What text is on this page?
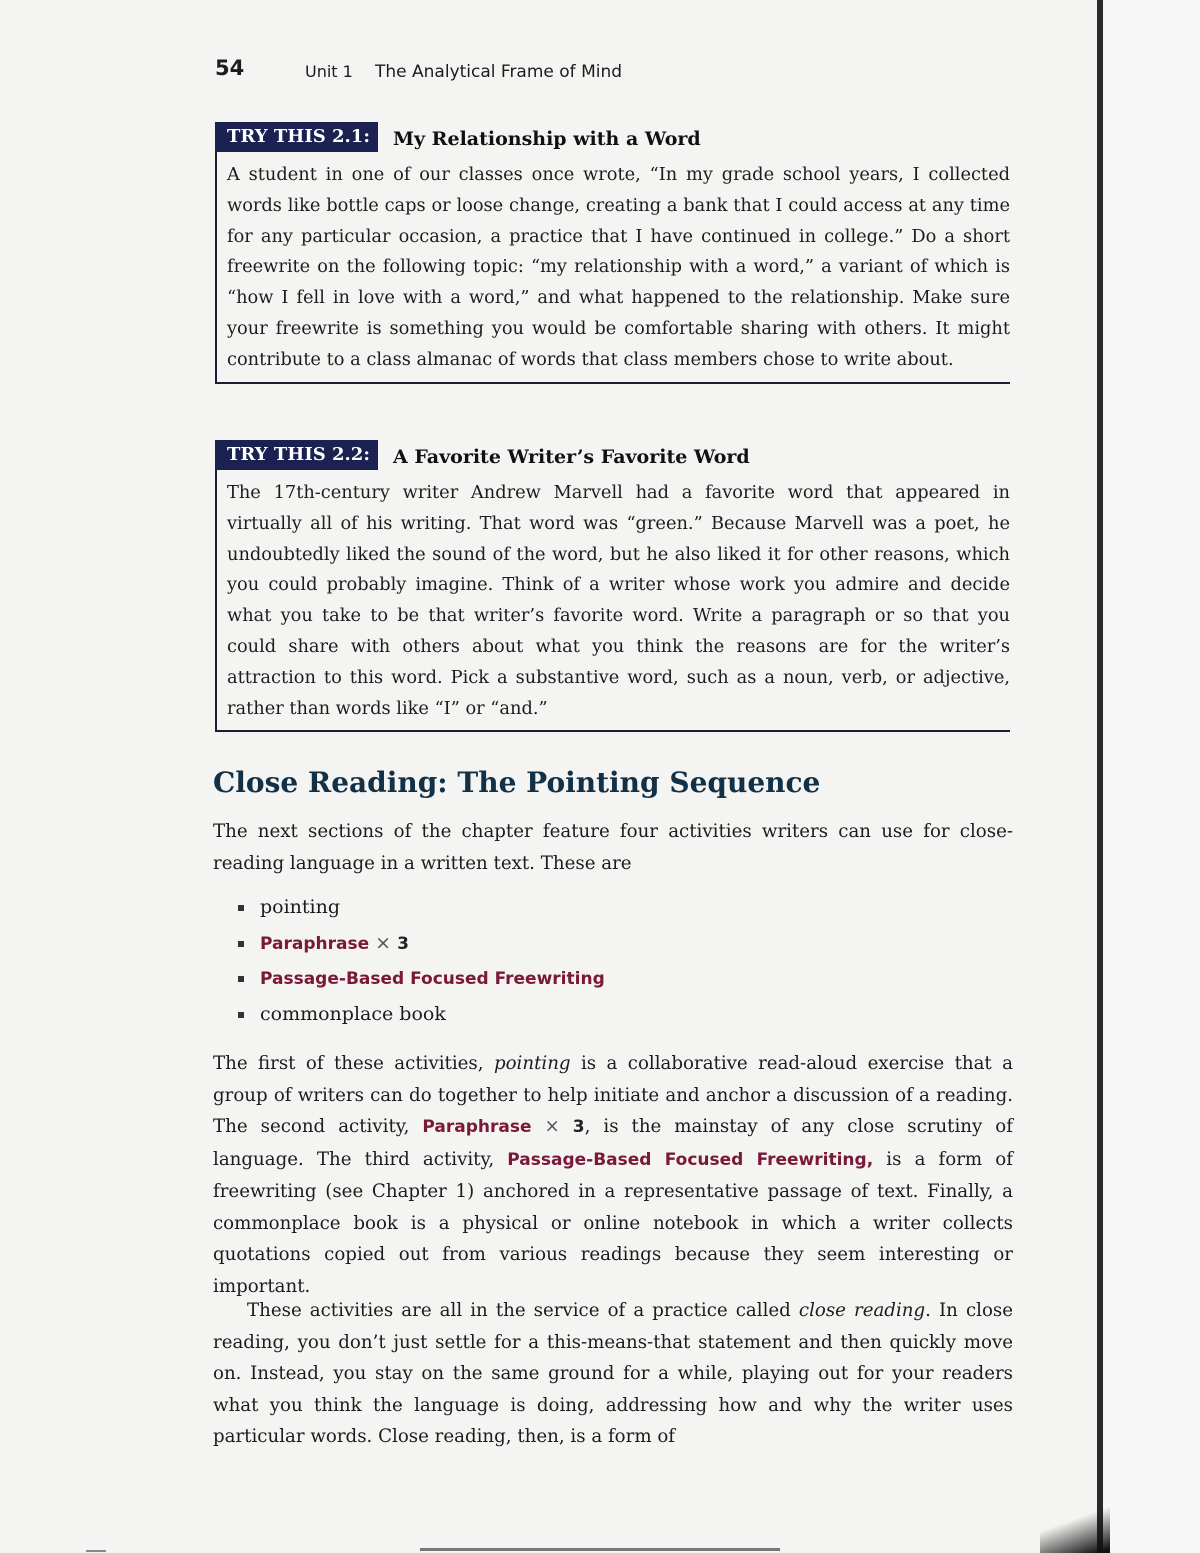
54	Unit 1 The Analytical Frame of Mind
TRY THIS 2.1:	My Relationship with a Word
A student in one of our classes once wrote, “In my grade school years, I collected words like bottle caps or loose change, creating a bank that I could access at any time for any particular occasion, a practice that I have continued in college.” Do a short freewrite on the following topic: “my relationship with a word,” a variant of which is “how I fell in love with a word,” and what happened to the relationship. Make sure your freewrite is something you would be comfortable sharing with others. It might contribute to a class almanac of words that class members chose to write about.
TRY THIS 2.2:	A Favorite Writer’s Favorite Word
The 17th-century writer Andrew Marvell had a favorite word that appeared in virtually all of his writing. That word was “green.” Because Marvell was a poet, he undoubtedly liked the sound of the word, but he also liked it for other reasons, which you could probably imagine. Think of a writer whose work you admire and decide what you take to be that writer’s favorite word. Write a paragraph or so that you could share with others about what you think the reasons are for the writer’s attraction to this word. Pick a substantive word, such as a noun, verb, or adjective, rather than words like “I” or “and.”
Close Reading: The Pointing Sequence
The next sections of the chapter feature four activities writers can use for close-reading language in a written text. These are
pointing
Paraphrase × 3
Passage-Based Focused Freewriting
commonplace book
The first of these activities, pointing is a collaborative read-aloud exercise that a group of writers can do together to help initiate and anchor a discussion of a reading. The second activity, Paraphrase × 3, is the mainstay of any close scrutiny of language. The third activity, Passage-Based Focused Freewriting, is a form of freewriting (see Chapter 1) anchored in a representative passage of text. Finally, a commonplace book is a physical or online notebook in which a writer collects quotations copied out from various readings because they seem interesting or important.
These activities are all in the service of a practice called close reading. In close reading, you don’t just settle for a this-means-that statement and then quickly move on. Instead, you stay on the same ground for a while, playing out for your readers what you think the language is doing, addressing how and why the writer uses particular words. Close reading, then, is a form of
